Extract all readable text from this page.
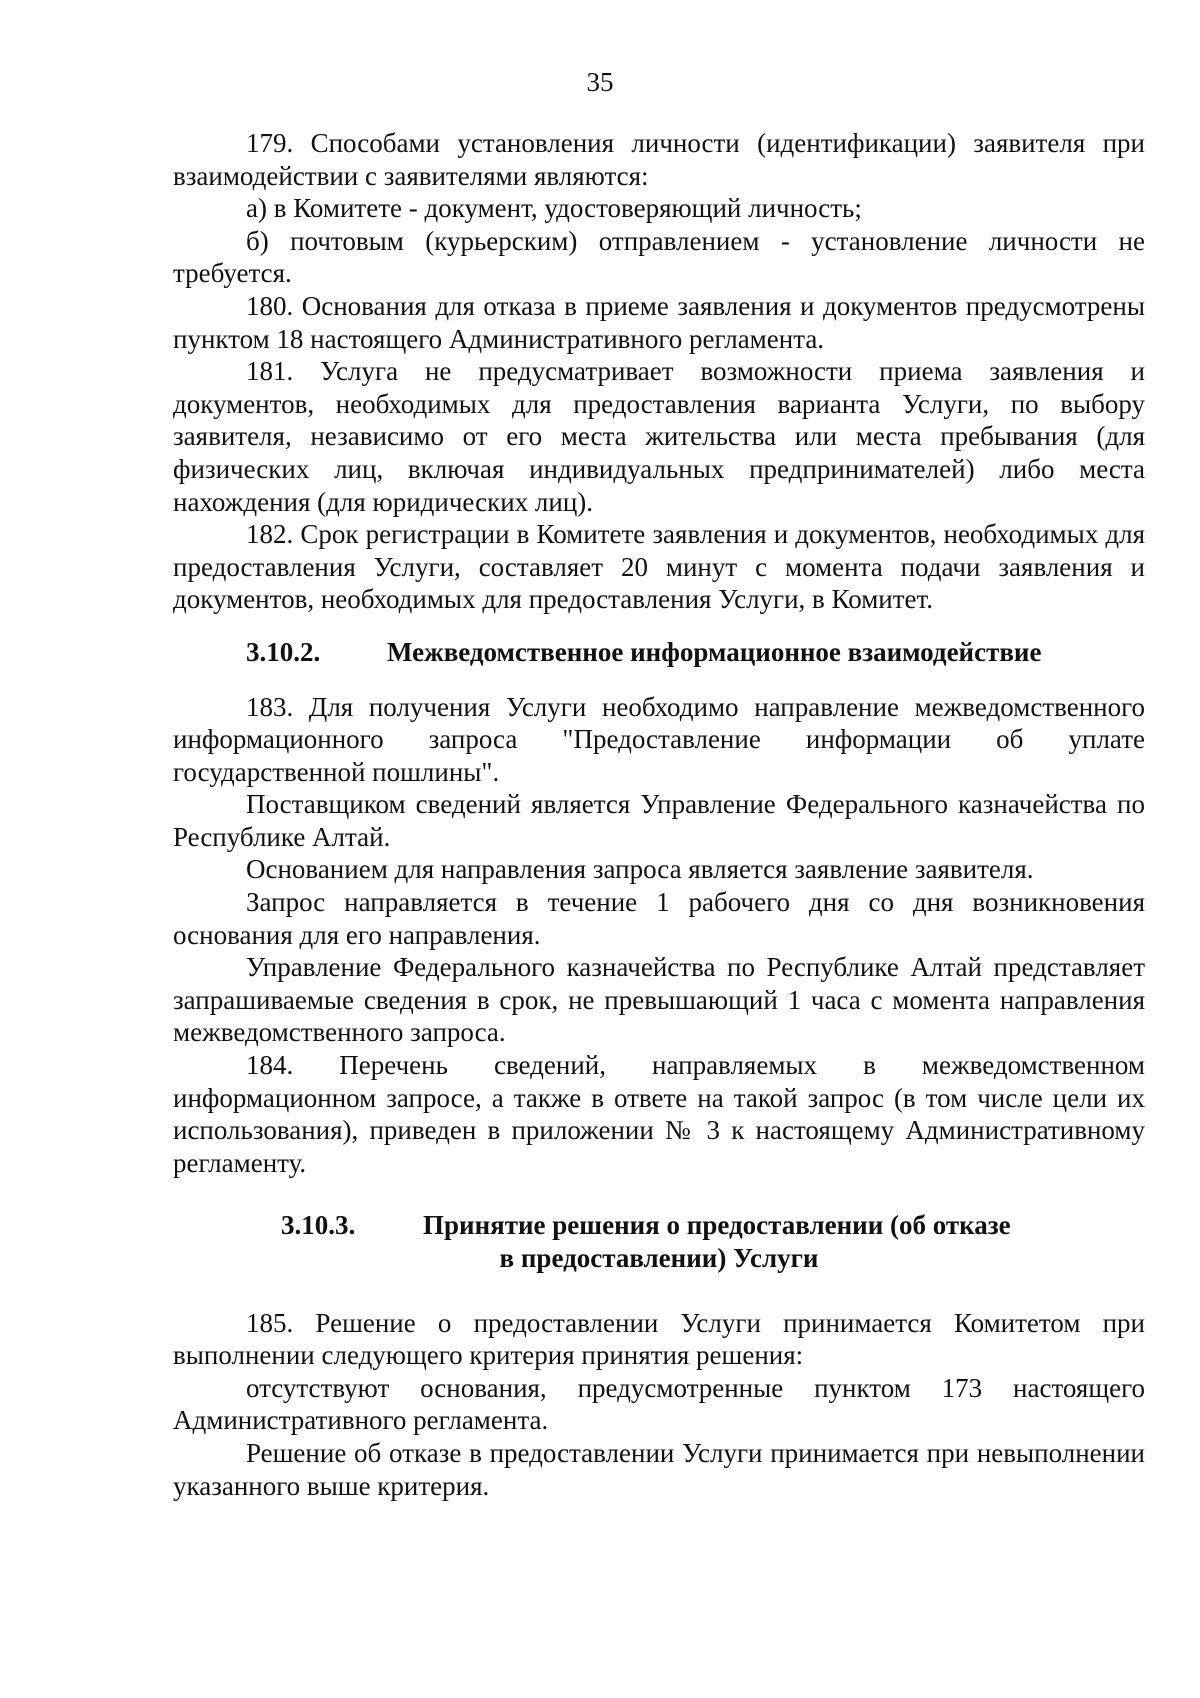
35

179. Способами установления личности (идентификации) заявителя при взаимодействии с заявителями являются:

а) в Комитете - документ, удостоверяющий личность;

б) почтовым (курьерским) отправлением - установление личности не требуется.

180. Основания для отказа в приеме заявления и документов предусмотрены пунктом 18 настоящего Административного регламента.

181. Услуга не предусматривает возможности приема заявления и документов, необходимых для предоставления варианта Услуги, по выбору заявителя, независимо от его места жительства или места пребывания (для физических лиц, включая индивидуальных предпринимателей) либо места нахождения (для юридических лиц).

182. Срок регистрации в Комитете заявления и документов, необходимых для предоставления Услуги, составляет 20 минут с момента подачи заявления и документов, необходимых для предоставления Услуги, в Комитет.

3.10.2.	Межведомственное информационное взаимодействие

183. Для получения Услуги необходимо направление межведомственного информационного запроса "Предоставление информации об уплате государственной пошлины".

Поставщиком сведений является Управление Федерального казначейства по Республике Алтай.

Основанием для направления запроса является заявление заявителя.

Запрос направляется в течение 1 рабочего дня со дня возникновения основания для его направления.

Управление Федерального казначейства по Республике Алтай представляет запрашиваемые сведения в срок, не превышающий 1 часа с момента направления межведомственного запроса.

184. Перечень сведений, направляемых в межведомственном информационном запросе, а также в ответе на такой запрос (в том числе цели их использования), приведен в приложении № 3 к настоящему Административному регламенту.

3.10.3.	Принятие решения о предоставлении (об отказе
в предоставлении) Услуги

185. Решение о предоставлении Услуги принимается Комитетом при выполнении следующего критерия принятия решения:

отсутствуют основания, предусмотренные пунктом 173 настоящего Административного регламента.

Решение об отказе в предоставлении Услуги принимается при невыполнении указанного выше критерия.
